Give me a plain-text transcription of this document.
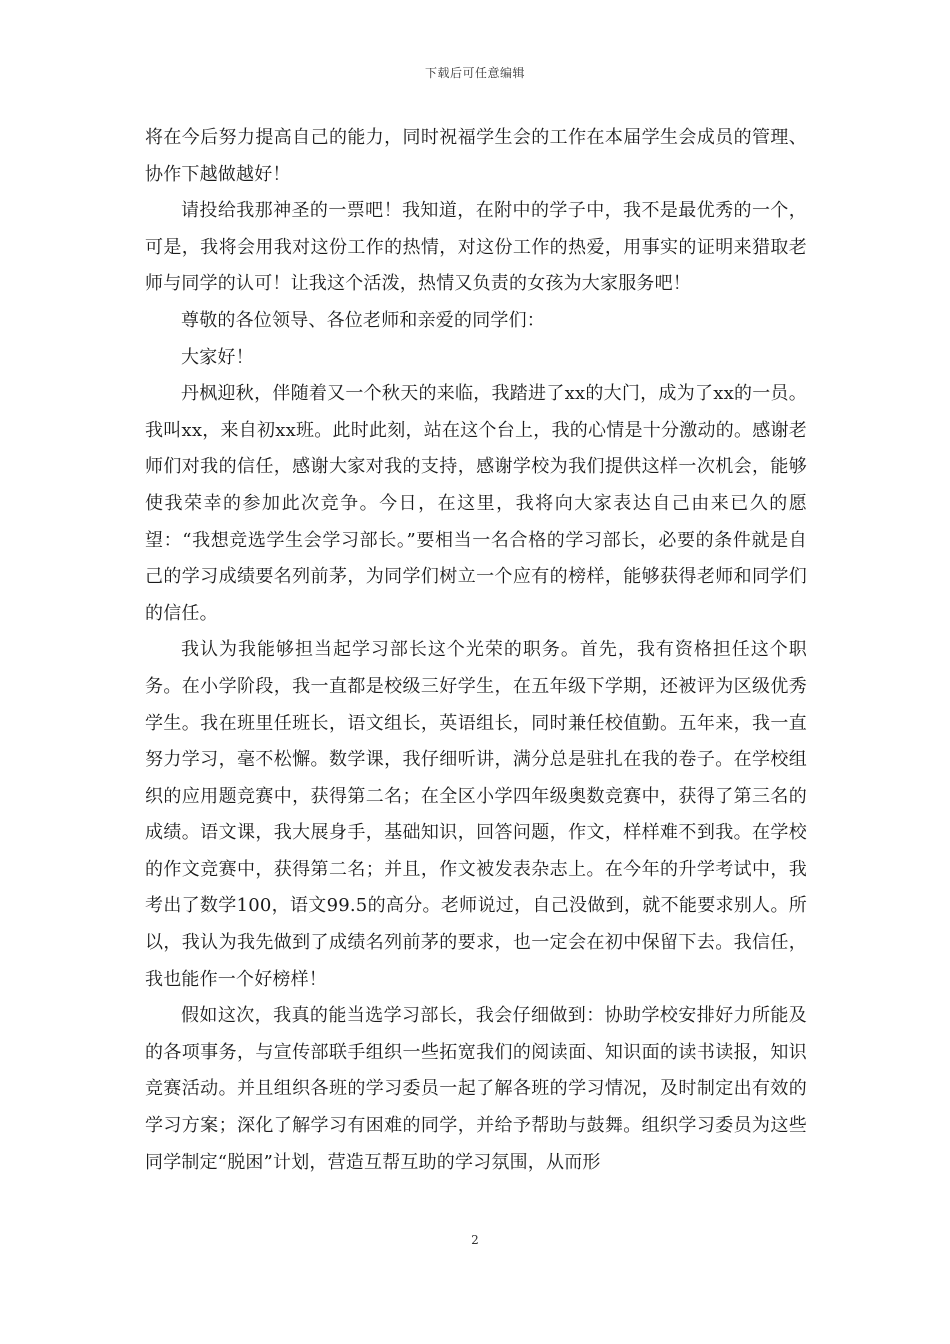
下载后可任意编辑

将在今后努力提高自己的能力，同时祝福学生会的工作在本届学生会成员的管理、协作下越做越好！

请投给我那神圣的一票吧！我知道，在附中的学子中，我不是最优秀的一个，可是，我将会用我对这份工作的热情，对这份工作的热爱，用事实的证明来猎取老师与同学的认可！让我这个活泼，热情又负责的女孩为大家服务吧！

尊敬的各位领导、各位老师和亲爱的同学们：

大家好！

丹枫迎秋，伴随着又一个秋天的来临，我踏进了xx的大门，成为了xx的一员。我叫xx，来自初xx班。此时此刻，站在这个台上，我的心情是十分激动的。感谢老师们对我的信任，感谢大家对我的支持，感谢学校为我们提供这样一次机会，能够使我荣幸的参加此次竞争。今日，在这里，我将向大家表达自己由来已久的愿望：“我想竞选学生会学习部长。”要相当一名合格的学习部长，必要的条件就是自己的学习成绩要名列前茅，为同学们树立一个应有的榜样，能够获得老师和同学们的信任。

我认为我能够担当起学习部长这个光荣的职务。首先，我有资格担任这个职务。在小学阶段，我一直都是校级三好学生，在五年级下学期，还被评为区级优秀学生。我在班里任班长，语文组长，英语组长，同时兼任校值勤。五年来，我一直努力学习，毫不松懈。数学课，我仔细听讲，满分总是驻扎在我的卷子。在学校组织的应用题竞赛中，获得第二名；在全区小学四年级奥数竞赛中，获得了第三名的成绩。语文课，我大展身手，基础知识，回答问题，作文，样样难不到我。在学校的作文竞赛中，获得第二名；并且，作文被发表杂志上。在今年的升学考试中，我考出了数学100，语文99.5的高分。老师说过，自己没做到，就不能要求别人。所以，我认为我先做到了成绩名列前茅的要求，也一定会在初中保留下去。我信任，我也能作一个好榜样！

假如这次，我真的能当选学习部长，我会仔细做到：协助学校安排好力所能及的各项事务，与宣传部联手组织一些拓宽我们的阅读面、知识面的读书读报，知识竞赛活动。并且组织各班的学习委员一起了解各班的学习情况，及时制定出有效的学习方案；深化了解学习有困难的同学，并给予帮助与鼓舞。组织学习委员为这些同学制定“脱困”计划，营造互帮互助的学习氛围，从而形

2
